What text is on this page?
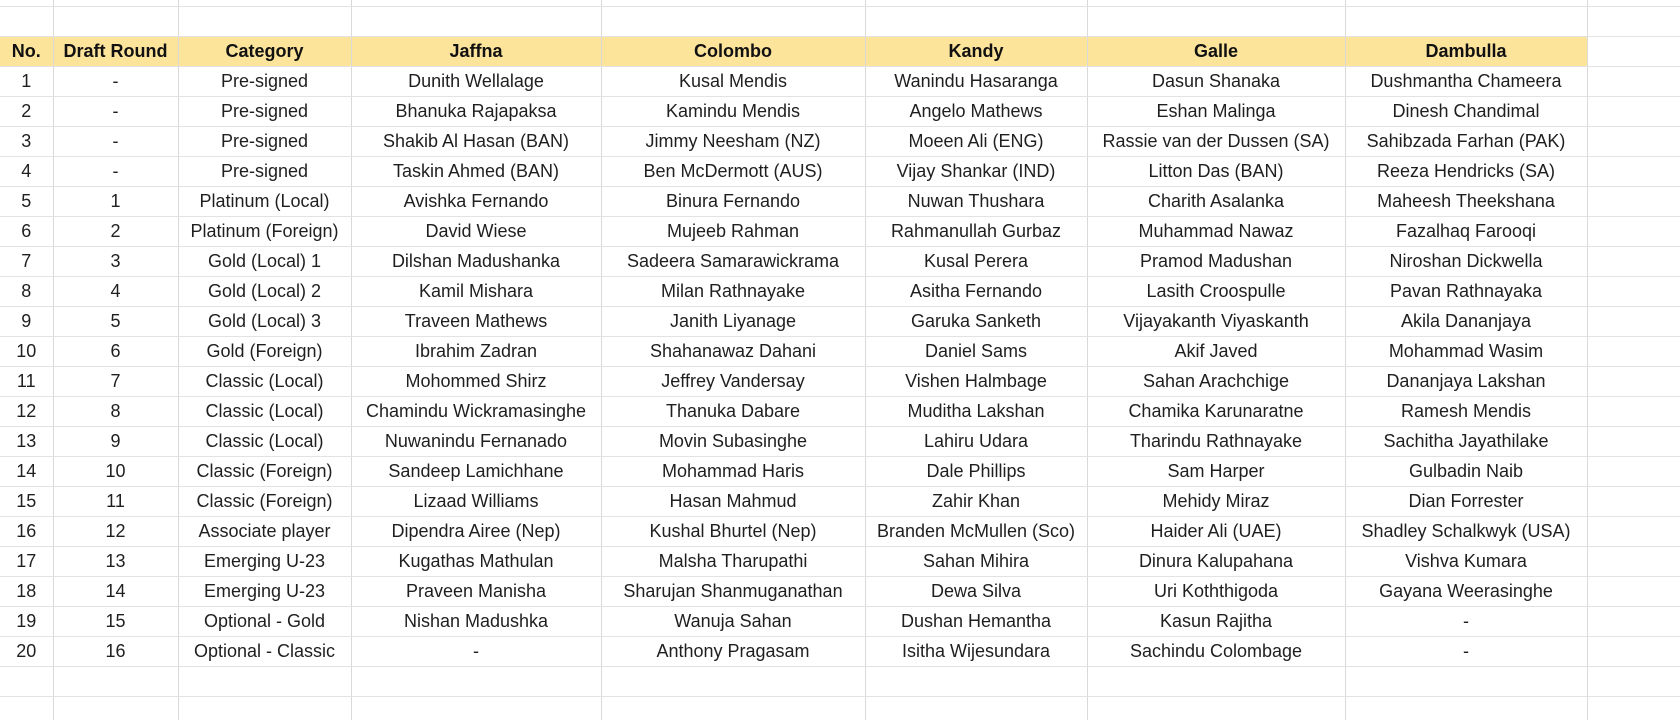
No.	Draft Round	Category	Jaffna	Colombo	Kandy	Galle	Dambulla	
1	-	Pre-signed	Dunith Wellalage	Kusal Mendis	Wanindu Hasaranga	Dasun Shanaka	Dushmantha Chameera	
2	-	Pre-signed	Bhanuka Rajapaksa	Kamindu Mendis	Angelo Mathews	Eshan Malinga	Dinesh Chandimal	
3	-	Pre-signed	Shakib Al Hasan (BAN)	Jimmy Neesham (NZ)	Moeen Ali (ENG)	Rassie van der Dussen (SA)	Sahibzada Farhan (PAK)	
4	-	Pre-signed	Taskin Ahmed (BAN)	Ben McDermott (AUS)	Vijay Shankar (IND)	Litton Das (BAN)	Reeza Hendricks (SA)	
5	1	Platinum (Local)	Avishka Fernando	Binura Fernando	Nuwan Thushara	Charith Asalanka	Maheesh Theekshana	
6	2	Platinum (Foreign)	David Wiese	Mujeeb Rahman	Rahmanullah Gurbaz	Muhammad Nawaz	Fazalhaq Farooqi	
7	3	Gold (Local) 1	Dilshan Madushanka	Sadeera Samarawickrama	Kusal Perera	Pramod Madushan	Niroshan Dickwella	
8	4	Gold (Local) 2	Kamil Mishara	Milan Rathnayake	Asitha Fernando	Lasith Croospulle	Pavan Rathnayaka	
9	5	Gold (Local) 3	Traveen Mathews	Janith Liyanage	Garuka Sanketh	Vijayakanth Viyaskanth	Akila Dananjaya	
10	6	Gold (Foreign)	Ibrahim Zadran	Shahanawaz Dahani	Daniel Sams	Akif Javed	Mohammad Wasim	
11	7	Classic (Local)	Mohommed Shirz	Jeffrey Vandersay	Vishen Halmbage	Sahan Arachchige	Dananjaya Lakshan	
12	8	Classic (Local)	Chamindu Wickramasinghe	Thanuka Dabare	Muditha Lakshan	Chamika Karunaratne	Ramesh Mendis	
13	9	Classic (Local)	Nuwanindu Fernanado	Movin Subasinghe	Lahiru Udara	Tharindu Rathnayake	Sachitha Jayathilake	
14	10	Classic (Foreign)	Sandeep Lamichhane	Mohammad Haris	Dale Phillips	Sam Harper	Gulbadin Naib	
15	11	Classic (Foreign)	Lizaad Williams	Hasan Mahmud	Zahir Khan	Mehidy Miraz	Dian Forrester	
16	12	Associate player	Dipendra Airee (Nep)	Kushal Bhurtel (Nep)	Branden McMullen (Sco)	Haider Ali (UAE)	Shadley Schalkwyk (USA)	
17	13	Emerging U-23	Kugathas Mathulan	Malsha Tharupathi	Sahan Mihira	Dinura Kalupahana	Vishva Kumara	
18	14	Emerging U-23	Praveen Manisha	Sharujan Shanmuganathan	Dewa Silva	Uri Koththigoda	Gayana Weerasinghe	
19	15	Optional - Gold	Nishan Madushka	Wanuja Sahan	Dushan Hemantha	Kasun Rajitha	-	
20	16	Optional - Classic	-	Anthony Pragasam	Isitha Wijesundara	Sachindu Colombage	-	
